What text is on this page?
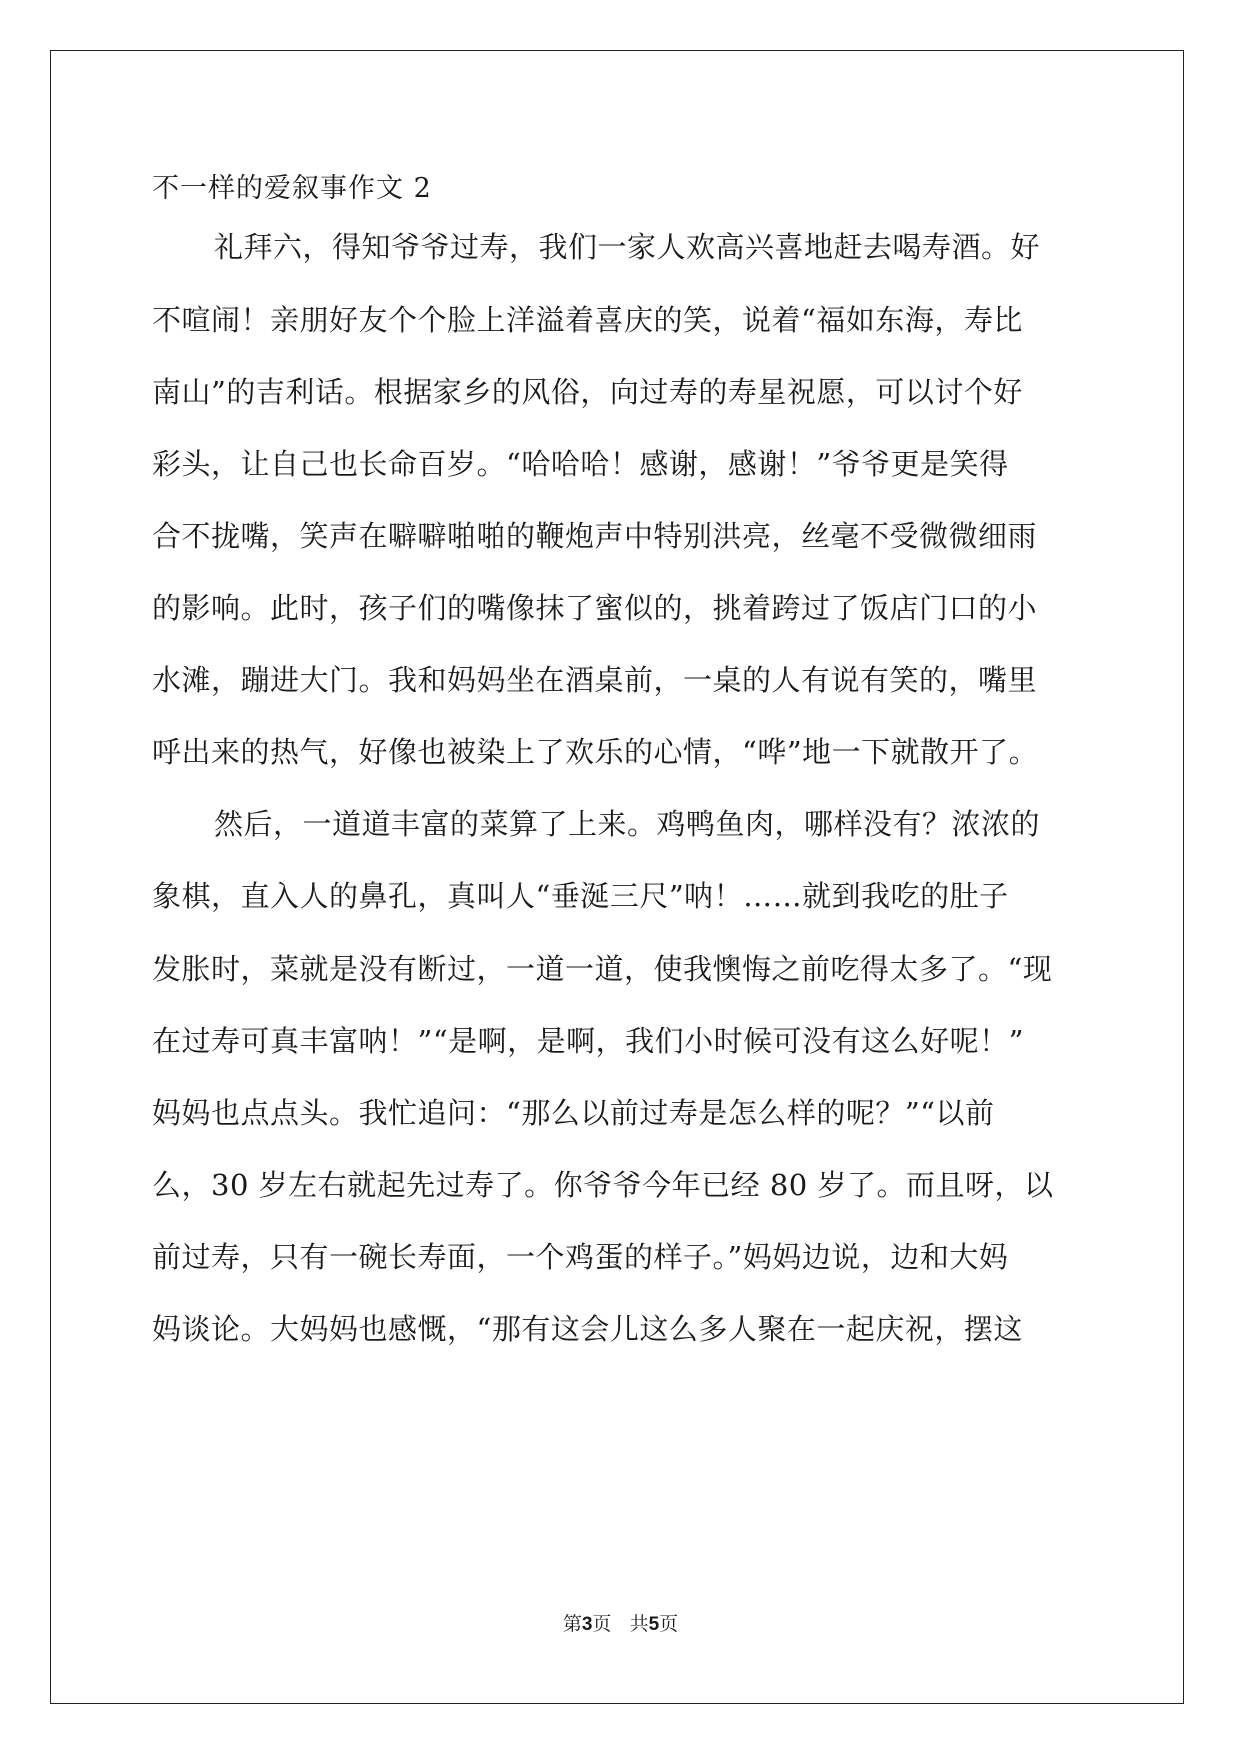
不一样的爱叙事作文 2
礼拜六，得知爷爷过寿，我们一家人欢高兴喜地赶去喝寿酒。好
不喧闹！亲朋好友个个脸上洋溢着喜庆的笑，说着“福如东海，寿比
南山”的吉利话。根据家乡的风俗，向过寿的寿星祝愿，可以讨个好
彩头，让自己也长命百岁。“哈哈哈！感谢，感谢！”爷爷更是笑得
合不拢嘴，笑声在噼噼啪啪的鞭炮声中特别洪亮，丝毫不受微微细雨
的影响。此时，孩子们的嘴像抹了蜜似的，挑着跨过了饭店门口的小
水滩，蹦进大门。我和妈妈坐在酒桌前，一桌的人有说有笑的，嘴里
呼出来的热气，好像也被染上了欢乐的心情，“哗”地一下就散开了。
然后，一道道丰富的菜算了上来。鸡鸭鱼肉，哪样没有？浓浓的
象棋，直入人的鼻孔，真叫人“垂涎三尺”呐！……就到我吃的肚子
发胀时，菜就是没有断过，一道一道，使我懊悔之前吃得太多了。“现
在过寿可真丰富呐！”“是啊，是啊，我们小时候可没有这么好呢！”
妈妈也点点头。我忙追问：“那么以前过寿是怎么样的呢？”“以前
么，30 岁左右就起先过寿了。你爷爷今年已经 80 岁了。而且呀，以
前过寿，只有一碗长寿面，一个鸡蛋的样子。”妈妈边说，边和大妈
妈谈论。大妈妈也感慨，“那有这会儿这么多人聚在一起庆祝，摆这
第3页 共5页
